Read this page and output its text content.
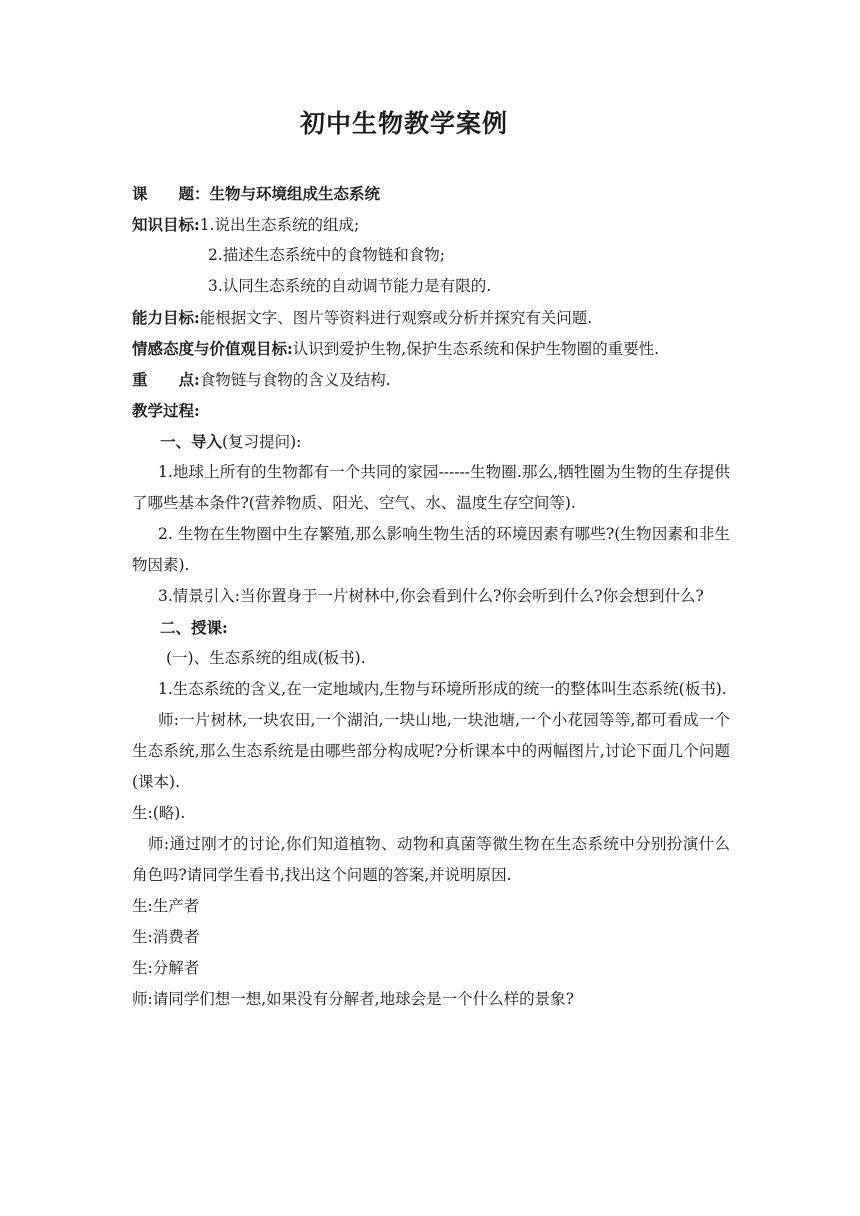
初中生物教学案例
课　　题：生物与环境组成生态系统
知识目标:1.说出生态系统的组成;
2.描述生态系统中的食物链和食物;
3.认同生态系统的自动调节能力是有限的.
能力目标:能根据文字、图片等资料进行观察或分析并探究有关问题.
情感态度与价值观目标:认识到爱护生物,保护生态系统和保护生物圈的重要性.
重　　点:食物链与食物的含义及结构.
教学过程:
一、导入(复习提问):
1.地球上所有的生物都有一个共同的家园------生物圈.那么,牺牲圈为生物的生存提供了哪些基本条件?(营养物质、阳光、空气、水、温度生存空间等).
2. 生物在生物圈中生存繁殖,那么影响生物生活的环境因素有哪些?(生物因素和非生物因素).
3.情景引入:当你置身于一片树林中,你会看到什么?你会听到什么?你会想到什么?
二、授课:
(一)、生态系统的组成(板书).
1.生态系统的含义,在一定地域内,生物与环境所形成的统一的整体叫生态系统(板书).
师:一片树林,一块农田,一个湖泊,一块山地,一块池塘,一个小花园等等,都可看成一个生态系统,那么生态系统是由哪些部分构成呢?分析课本中的两幅图片,讨论下面几个问题(课本).
生:(略).
师:通过刚才的讨论,你们知道植物、动物和真菌等微生物在生态系统中分别扮演什么角色吗?请同学生看书,找出这个问题的答案,并说明原因.
生:生产者
生:消费者
生:分解者
师:请同学们想一想,如果没有分解者,地球会是一个什么样的景象?
